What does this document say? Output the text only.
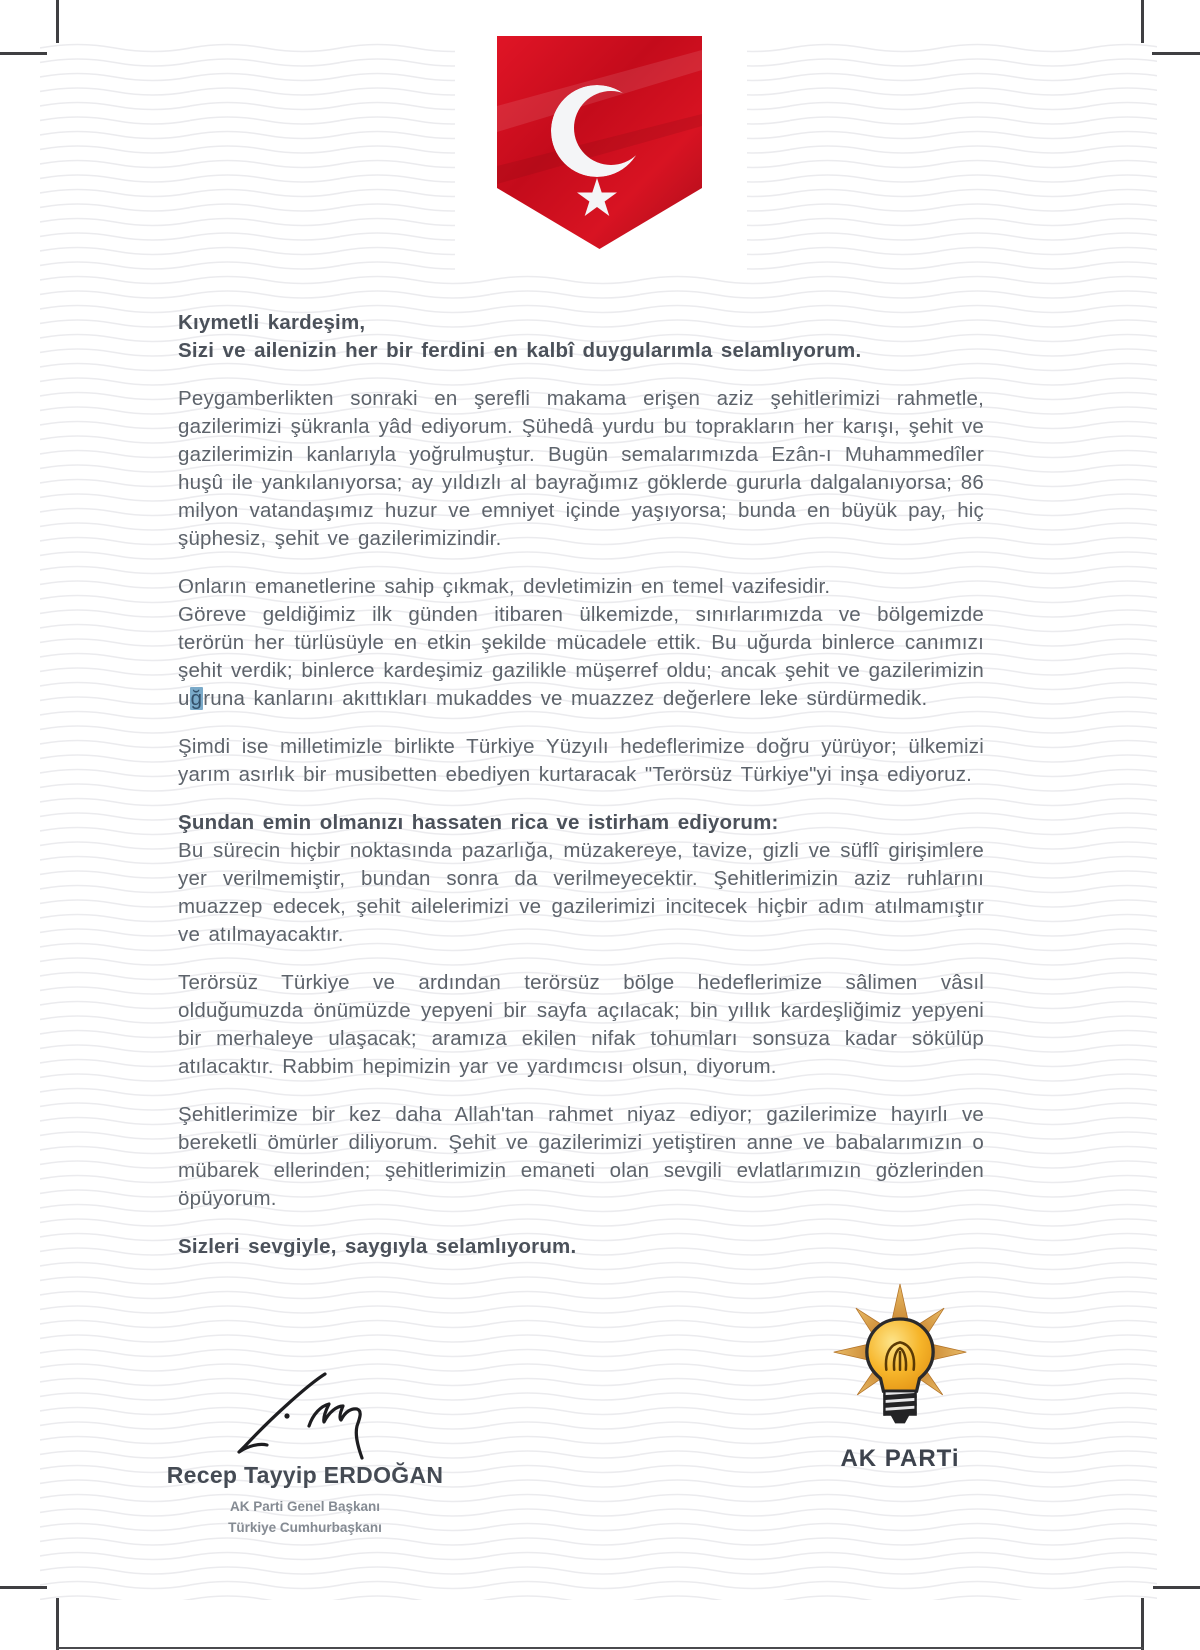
Kıymetli kardeşim,
Sizi ve ailenizin her bir ferdini en kalbî duygularımla selamlıyorum.

Peygamberlikten sonraki en şerefli makama erişen aziz şehitlerimizi rahmetle, gazilerimizi şükranla yâd ediyorum. Şühedâ yurdu bu toprakların her karışı, şehit ve gazilerimizin kanlarıyla yoğrulmuştur. Bugün semalarımızda Ezân-ı Muhammedîler huşû ile yankılanıyorsa; ay yıldızlı al bayrağımız göklerde gururla dalgalanıyorsa; 86 milyon vatandaşımız huzur ve emniyet içinde yaşıyorsa; bunda en büyük pay, hiç şüphesiz, şehit ve gazilerimizindir.

Onların emanetlerine sahip çıkmak, devletimizin en temel vazifesidir.
Göreve geldiğimiz ilk günden itibaren ülkemizde, sınırlarımızda ve bölgemizde terörün her türlüsüyle en etkin şekilde mücadele ettik. Bu uğurda binlerce canımızı şehit verdik; binlerce kardeşimiz gazilikle müşerref oldu; ancak şehit ve gazilerimizin uğruna kanlarını akıttıkları mukaddes ve muazzez değerlere leke sürdürmedik.

Şimdi ise milletimizle birlikte Türkiye Yüzyılı hedeflerimize doğru yürüyor; ülkemizi yarım asırlık bir musibetten ebediyen kurtaracak "Terörsüz Türkiye"yi inşa ediyoruz.

Şundan emin olmanızı hassaten rica ve istirham ediyorum:

Bu sürecin hiçbir noktasında pazarlığa, müzakereye, tavize, gizli ve süflî girişimlere yer verilmemiştir, bundan sonra da verilmeyecektir. Şehitlerimizin aziz ruhlarını muazzep edecek, şehit ailelerimizi ve gazilerimizi incitecek hiçbir adım atılmamıştır ve atılmayacaktır.

Terörsüz Türkiye ve ardından terörsüz bölge hedeflerimize sâlimen vâsıl olduğumuzda önümüzde yepyeni bir sayfa açılacak; bin yıllık kardeşliğimiz yepyeni bir merhaleye ulaşacak; aramıza ekilen nifak tohumları sonsuza kadar sökülüp atılacaktır. Rabbim hepimizin yar ve yardımcısı olsun, diyorum.

Şehitlerimize bir kez daha Allah'tan rahmet niyaz ediyor; gazilerimize hayırlı ve bereketli ömürler diliyorum. Şehit ve gazilerimizi yetiştiren anne ve babalarımızın o mübarek ellerinden; şehitlerimizin emaneti olan sevgili evlatlarımızın gözlerinden öpüyorum.

Sizleri sevgiyle, saygıyla selamlıyorum.
Recep Tayyip ERDOĞAN
AK Parti Genel Başkanı
Türkiye Cumhurbaşkanı
AK PARTi
